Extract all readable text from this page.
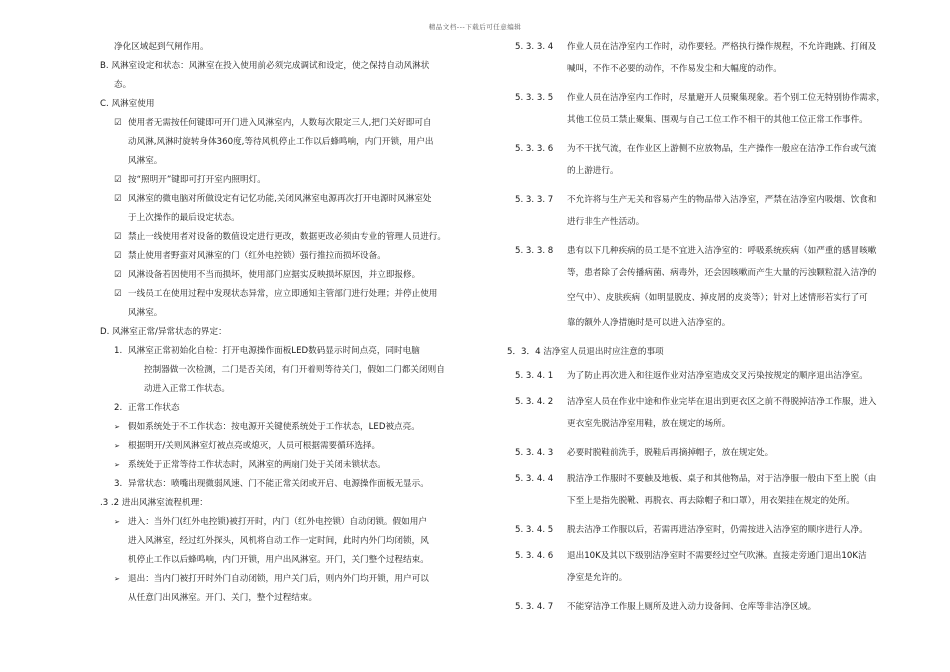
精品文档---下载后可任意编辑
净化区域起到气闸作用。
B. 风淋室设定和状态：风淋室在投入使用前必须完成调试和设定，使之保持自动风淋状
态。
C. 风淋室使用
☑ 使用者无需按任何键即可开门进入风淋室内，人数每次限定三人,把门关好即可自
动风淋,风淋时旋转身体360度,等待风机停止工作以后蜂鸣响，内门开锁，用户出
风淋室。
☑ 按“照明开”键即可打开室内照明灯。
☑ 风淋室的微电脑对所做设定有记忆功能,关闭风淋室电源再次打开电源时风淋室处
于上次操作的最后设定状态。
☑ 禁止一线使用者对设备的数值设定进行更改，数据更改必须由专业的管理人员进行。
☑ 禁止使用者野蛮对风淋室的门（红外电控锁）强行推拉而损坏设备。
☑ 风淋设备若因使用不当而损坏，使用部门应据实反映损坏原因，并立即报修。
☑ 一线员工在使用过程中发现状态异常，应立即通知主管部门进行处理；并停止使用
风淋室。
D. 风淋室正常/异常状态的界定：
1. 风淋室正常初始化自检：打开电源操作面板LED数码显示时间点亮，同时电脑
控制器做一次检测，二门是否关闭，有门开着则等待关门，假如二门都关闭则自
动进入正常工作状态。
2. 正常工作状态
➢ 假如系统处于不工作状态：按电源开关键使系统处于工作状态，LED被点亮。
➢ 根据明开/关则风淋室灯被点亮或熄灭，人员可根据需要循环选择。
➢ 系统处于正常等待工作状态时，风淋室的两扇门处于关闭未锁状态。
3. 异常状态：喷嘴出现微弱风速、门不能正常关闭或开启、电源操作面板无显示。
.3 .2 进出风淋室流程机理：
➢ 进入：当外门(红外电控锁)被打开时，内门（红外电控锁）自动闭锁。假如用户
进入风淋室，经过红外探头，风机将自动工作一定时间，此时内外门均闭锁，风
机停止工作以后蜂鸣响，内门开锁，用户出风淋室。开门，关门整个过程结束。
➢ 退出：当内门被打开时外门自动闭锁，用户关门后，则内外门均开锁，用户可以
从任意门出风淋室。开门、关门，整个过程结束。
5. 3. 3. 4	作业人员在洁净室内工作时，动作要轻。严格执行操作规程，不允许跑跳、打闹及
喊叫，不作不必要的动作，不作易发尘和大幅度的动作。
5. 3. 3. 5	作业人员在洁净室内工作时，尽量避开人员聚集现象。若个别工位无特别协作需求，
其他工位员工禁止聚集、围观与自己工位工作不相干的其他工位正常工作事件。
5. 3. 3. 6	为不干扰气流，在作业区上游侧不应放物品，生产操作一般应在洁净工作台或气流
的上游进行。
5. 3. 3. 7	不允许将与生产无关和容易产生的物品带入洁净室，严禁在洁净室内吸烟、饮食和
进行非生产性活动。
5. 3. 3. 8	患有以下几种疾病的员工是不宜进入洁净室的：呼吸系统疾病（如严重的感冒咳嗽
等，患者除了会传播病菌、病毒外，还会因咳嗽而产生大量的污浊颗粒混入洁净的
空气中）、皮肤疾病（如明显脱皮、掉皮屑的皮炎等）；针对上述情形若实行了可
靠的额外人净措施时是可以进入洁净室的。
5．3．4 洁净室人员退出时应注意的事项
5. 3. 4. 1	为了防止再次进入和往返作业对洁净室造成交叉污染按规定的顺序退出洁净室。
5. 3. 4. 2	洁净室人员在作业中途和作业完毕在退出到更衣区之前不得脱掉洁净工作服，进入
更衣室先脱洁净室用鞋，放在规定的场所。
5. 3. 4. 3	必要时脱鞋前洗手，脱鞋后再摘掉帽子，放在规定处。
5. 3. 4. 4	脱洁净工作服时不要触及地板、桌子和其他物品，对于洁净服一般由下至上脱（由
下至上是指先脱靴、再脱衣、再去除帽子和口罩），用衣架挂在规定的处所。
5. 3. 4. 5	脱去洁净工作服以后，若需再进洁净室时，仍需按进入洁净室的顺序进行人净。
5. 3. 4. 6	退出10K及其以下级别洁净室时不需要经过空气吹淋。直接走旁通门退出10K洁
净室是允许的。
5. 3. 4. 7	不能穿洁净工作服上厕所及进入动力设备间、仓库等非洁净区域。
